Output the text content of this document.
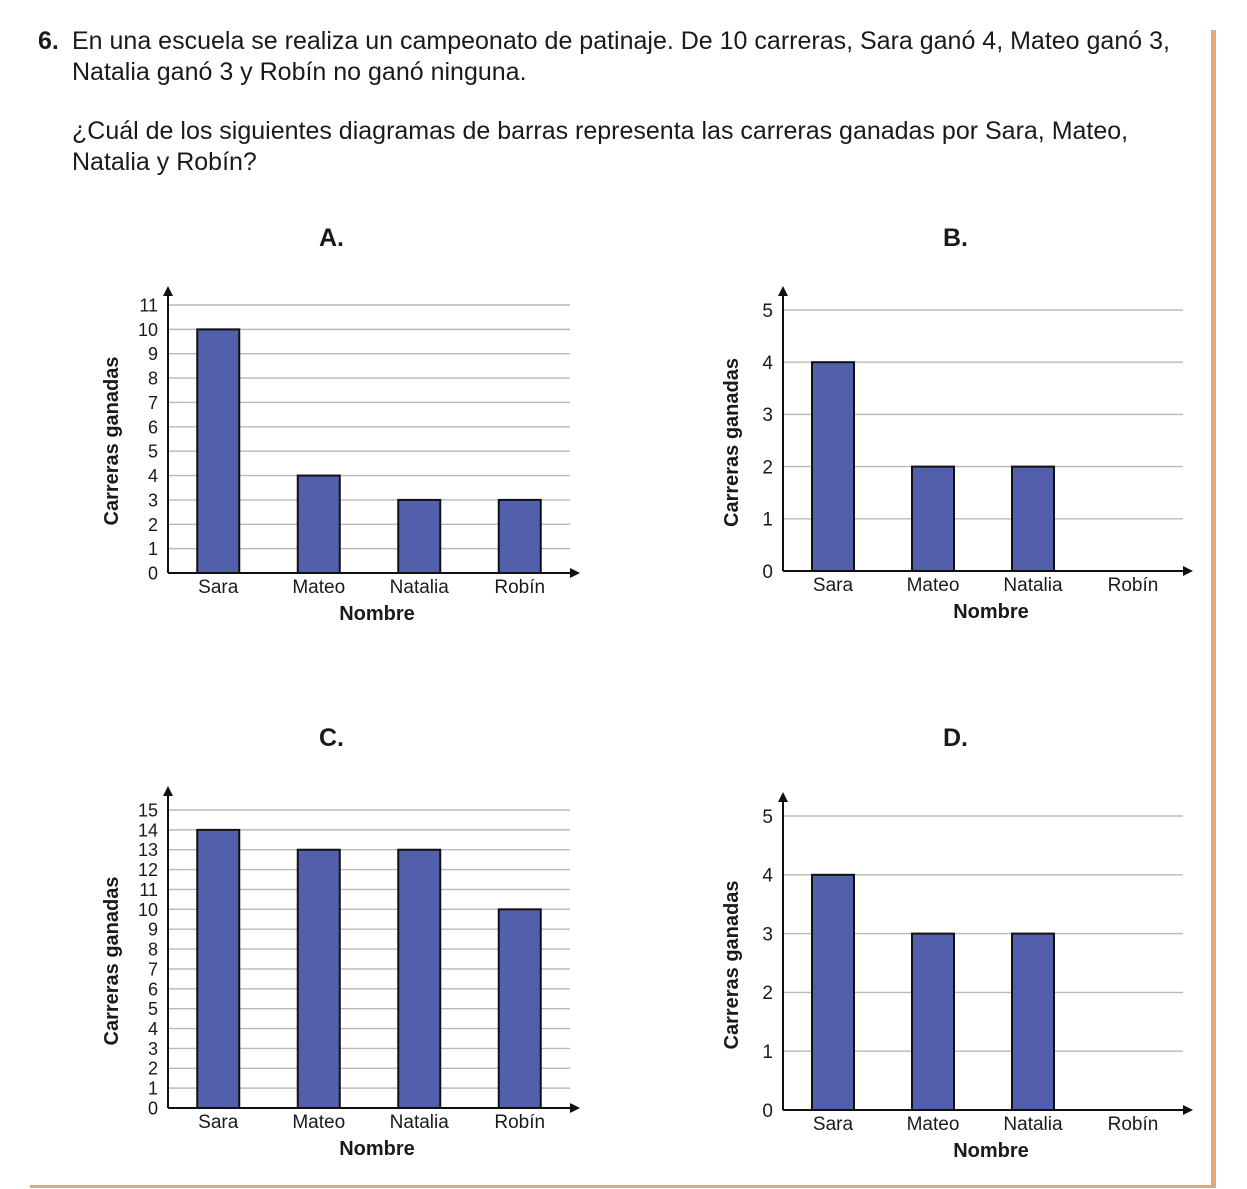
6. En una escuela se realiza un campeonato de patinaje. De 10 carreras, Sara ganó 4, Mateo ganó 3, Natalia ganó 3 y Robín no ganó ninguna.
¿Cuál de los siguientes diagramas de barras representa las carreras ganadas por Sara, Mateo, Natalia y Robín?
A.	B.
C.	D.
0
1
2
3
4
5
6
7
8
9
10
11
Sara	Mateo Natalia Robín
Nombre
Carreras ganadas
0
1
2
3
4
5
Sara	Mateo Natalia Robín
Nombre
Carreras ganadas
0
1
2
3
4
5
6
7
8
9
10
11
12
13
14
15
Sara	Mateo Natalia Robín
Nombre
Carreras ganadas
0
1
2
3
4
5
Sara	Mateo Natalia Robín
Nombre
Carreras ganadas
